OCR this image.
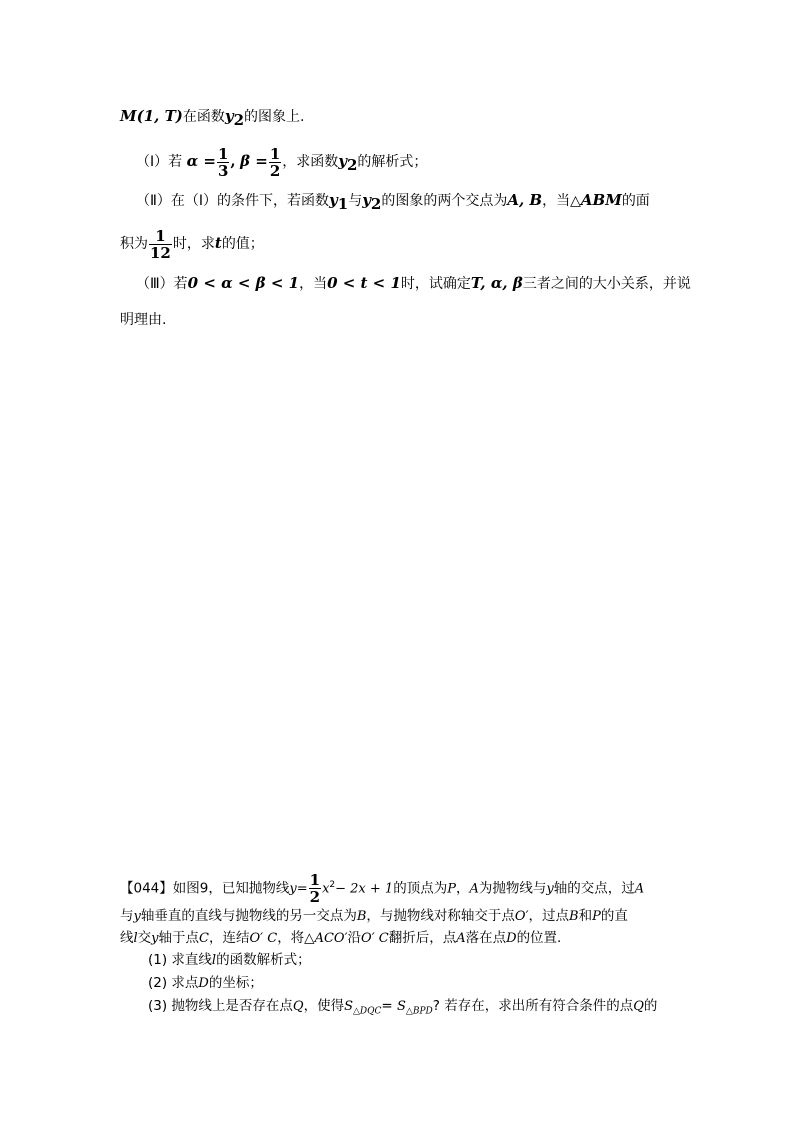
M(1, T)在函数$y_2$的图象上.
（Ⅰ）若 $\alpha = \frac{1}{3}$ , $\beta = \frac{1}{2}$ ，求函数$y_2$的解析式；
（Ⅱ）在（Ⅰ）的条件下，若函数$y_1$与$y_2$的图象的两个交点为A, B，当△ABM的面
积为 $\frac{1}{12}$ 时，求t的值；
（Ⅲ）若0 < α < β < 1，当0 < t < 1时，试确定T, α, β三者之间的大小关系，并说
明理由.
【044】如图9，已知抛物线$y= \frac{1}{2} x^2- 2x + 1$的顶点为P，A为抛物线与y轴的交点，过A
与y轴垂直的直线与抛物线的另一交点为B，与抛物线对称轴交于点O′，过点B和P的直
线l交y轴于点C，连结O′ C，将△ACO′沿O′ C翻折后，点A落在点D的位置.
(1) 求直线l的函数解析式；
(2) 求点D的坐标；
(3) 抛物线上是否存在点Q，使得$S_{\triangle DQC}= S_{\triangle BPD}$? 若存在，求出所有符合条件的点Q的
